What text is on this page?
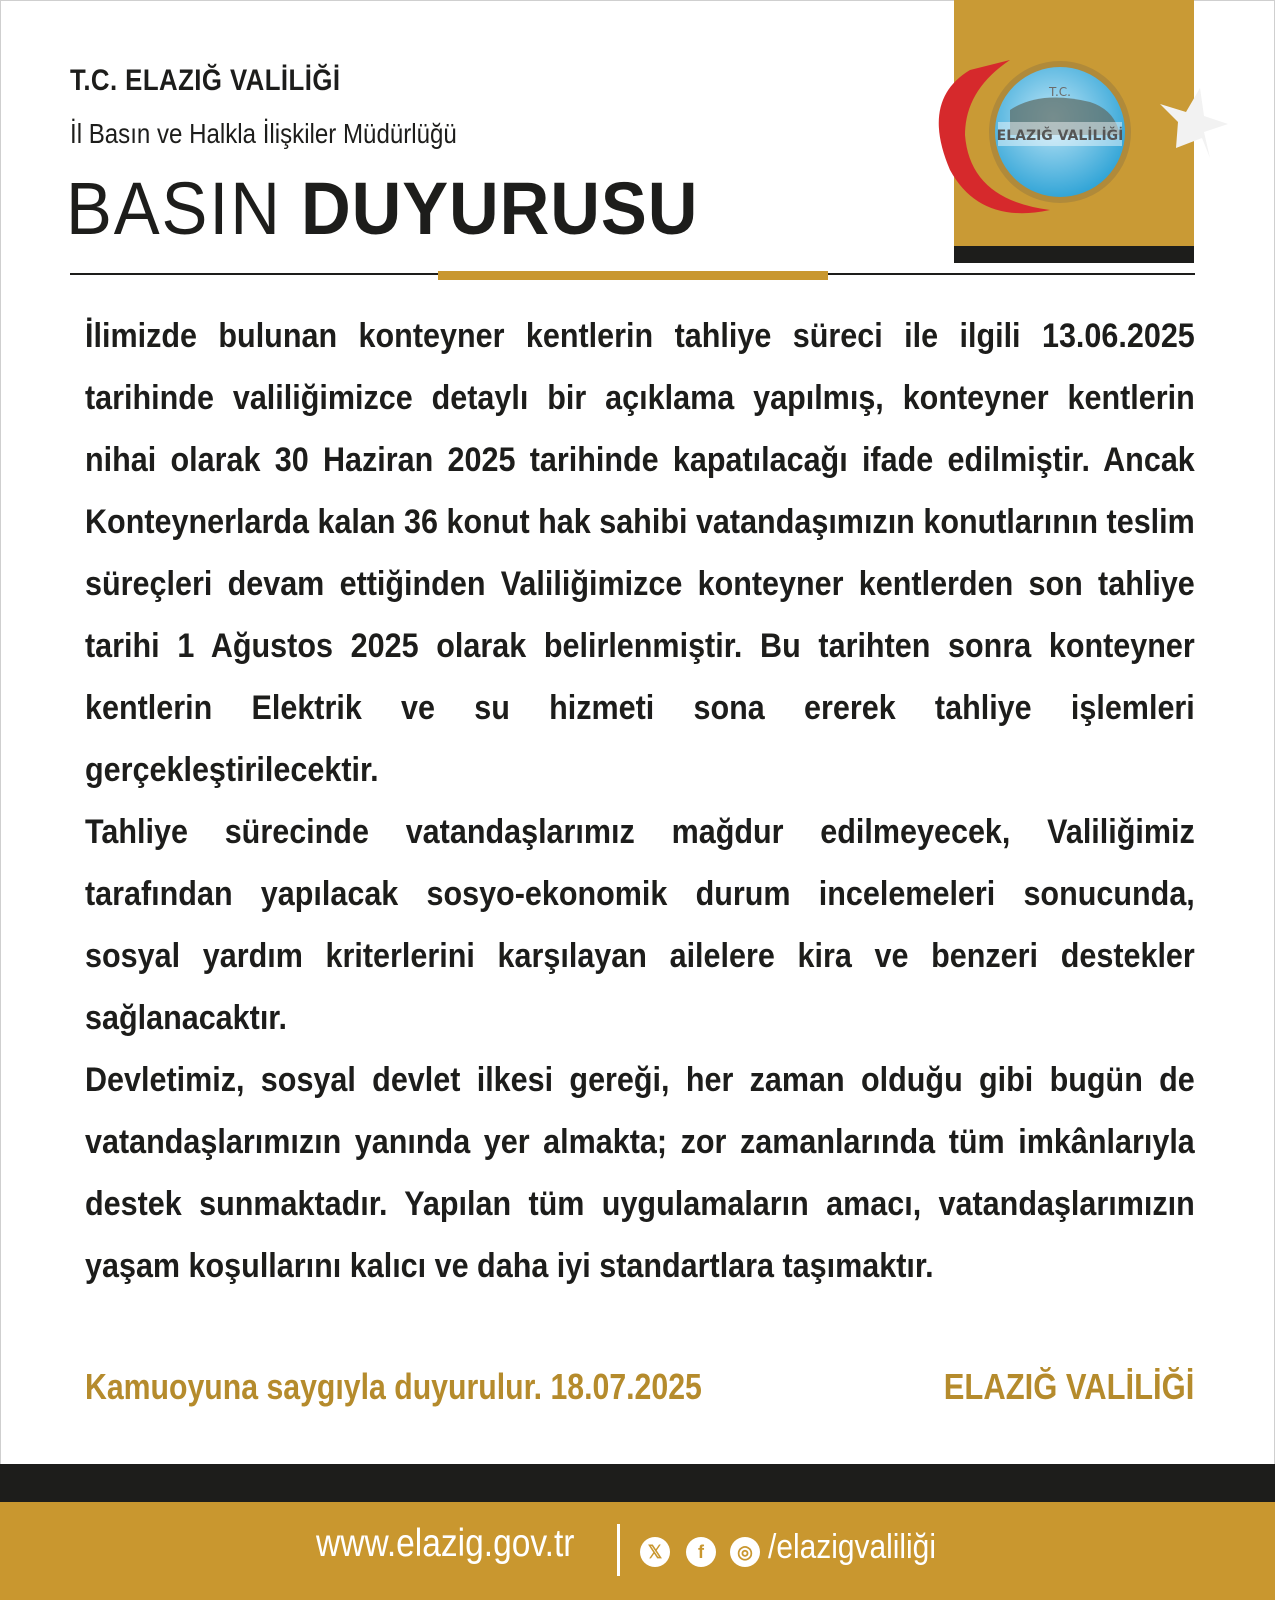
T.C. ELAZIĞ VALİLİĞİ
İl Basın ve Halkla İlişkiler Müdürlüğü
BASIN DUYURUSU
T.C.
ELAZIĞ VALİLİĞİ

İlimizde bulunan konteyner kentlerin tahliye süreci ile ilgili 13.06.2025 tarihinde valiliğimizce detaylı bir açıklama yapılmış, konteyner kentlerin nihai olarak 30 Haziran 2025 tarihinde kapatılacağı ifade edilmiştir. Ancak Konteynerlarda kalan 36 konut hak sahibi vatandaşımızın konutlarının teslim süreçleri devam ettiğinden Valiliğimizce konteyner kentlerden son tahliye tarihi 1 Ağustos 2025 olarak belirlenmiştir. Bu tarihten sonra konteyner kentlerin Elektrik ve su hizmeti sona ererek tahliye işlemleri gerçekleştirilecektir.

Tahliye sürecinde vatandaşlarımız mağdur edilmeyecek, Valiliğimiz tarafından yapılacak sosyo-ekonomik durum incelemeleri sonucunda, sosyal yardım kriterlerini karşılayan ailelere kira ve benzeri destekler sağlanacaktır.

Devletimiz, sosyal devlet ilkesi gereği, her zaman olduğu gibi bugün de vatandaşlarımızın yanında yer almakta; zor zamanlarında tüm imkânlarıyla destek sunmaktadır. Yapılan tüm uygulamaların amacı, vatandaşlarımızın yaşam koşullarını kalıcı ve daha iyi standartlara taşımaktır.

Kamuoyuna saygıyla duyurulur. 18.07.2025	ELAZIĞ VALİLİĞİ
www.elazig.gov.tr	𝕏	f	◎ /elazigvaliliği
